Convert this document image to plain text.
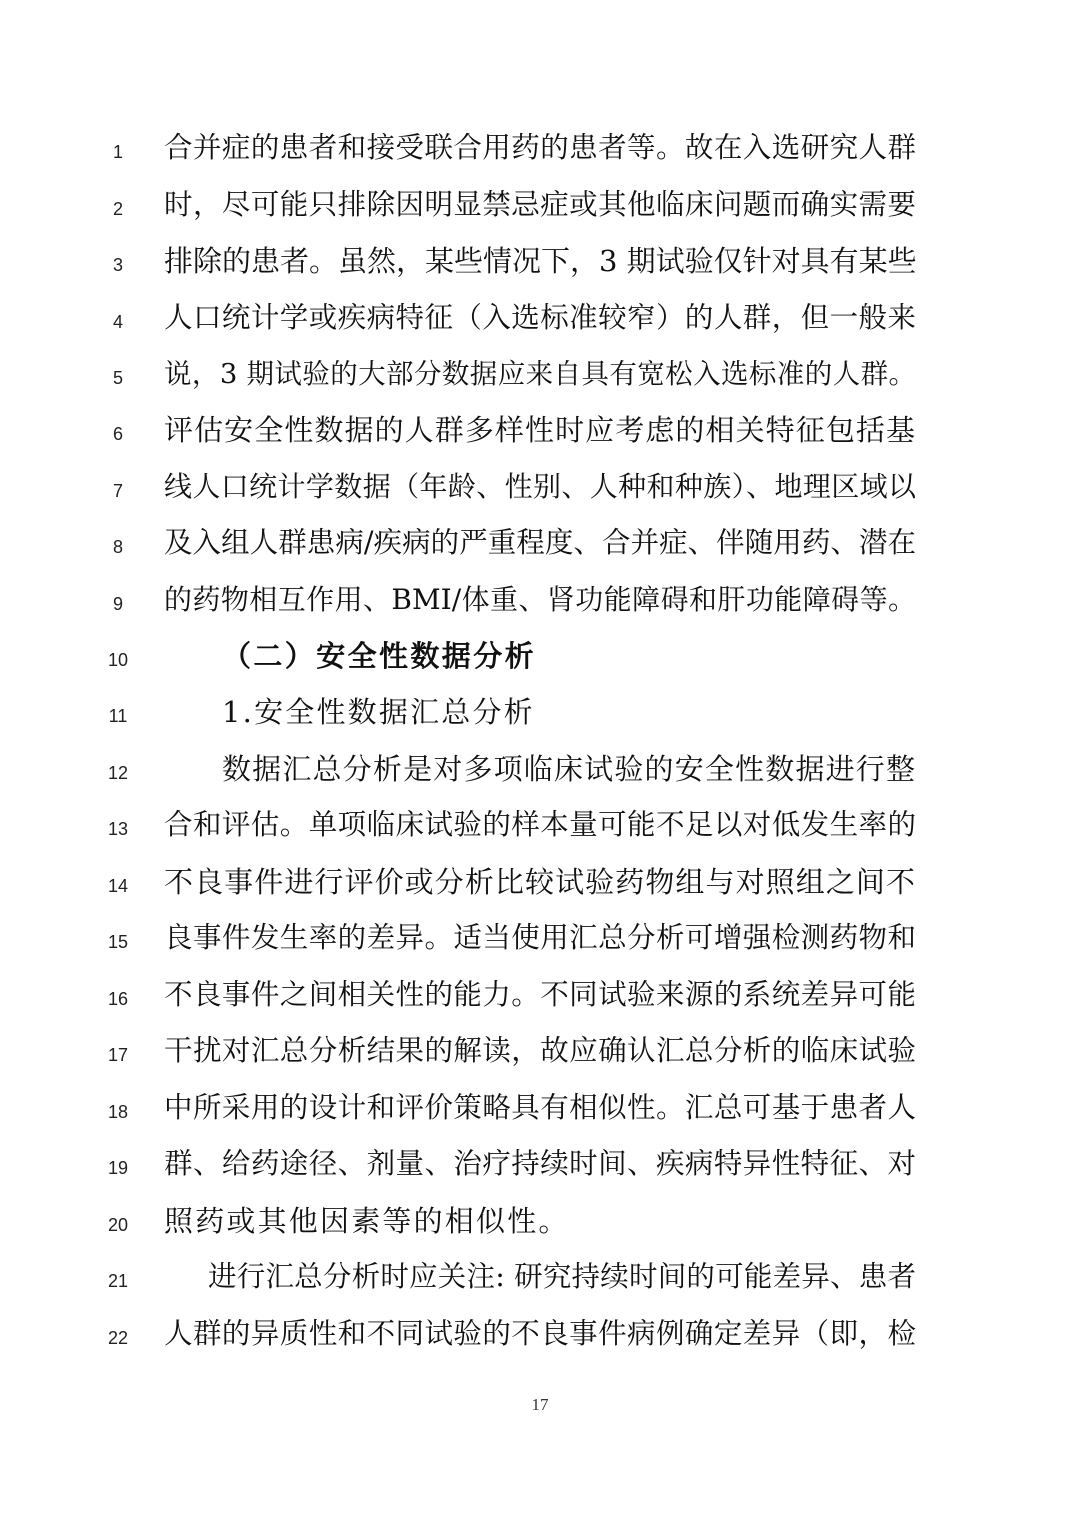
1	合并症的患者和接受联合用药的患者等。故在入选研究人群
2	时，尽可能只排除因明显禁忌症或其他临床问题而确实需要
3	排除的患者。虽然，某些情况下，3 期试验仅针对具有某些
4	人口统计学或疾病特征（入选标准较窄）的人群，但一般来
5	说，3 期试验的大部分数据应来自具有宽松入选标准的人群。
6	评估安全性数据的人群多样性时应考虑的相关特征包括基
7	线人口统计学数据（年龄、性别、人种和种族）、地理区域以
8	及入组人群患病/疾病的严重程度、合并症、伴随用药、潜在
9	的药物相互作用、BMI/体重、肾功能障碍和肝功能障碍等。
10	（二）安全性数据分析
11	1.安全性数据汇总分析
12	数据汇总分析是对多项临床试验的安全性数据进行整
13	合和评估。单项临床试验的样本量可能不足以对低发生率的
14	不良事件进行评价或分析比较试验药物组与对照组之间不
15	良事件发生率的差异。适当使用汇总分析可增强检测药物和
16	不良事件之间相关性的能力。不同试验来源的系统差异可能
17	干扰对汇总分析结果的解读，故应确认汇总分析的临床试验
18	中所采用的设计和评价策略具有相似性。汇总可基于患者人
19	群、给药途径、剂量、治疗持续时间、疾病特异性特征、对
20	照药或其他因素等的相似性。
21	进行汇总分析时应关注: 研究持续时间的可能差异、患者
22	人群的异质性和不同试验的不良事件病例确定差异（即，检
17
